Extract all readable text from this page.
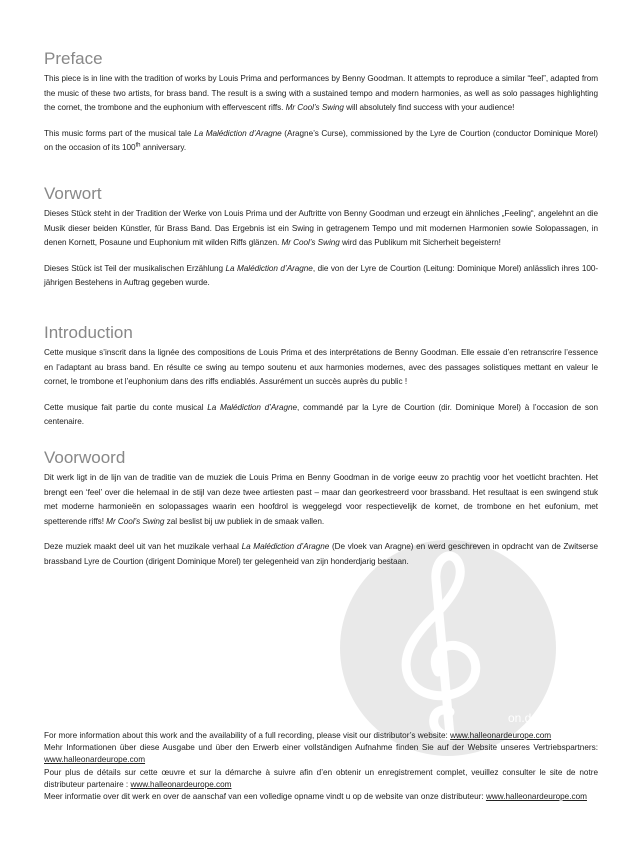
on.de
Preface

This piece is in line with the tradition of works by Louis Prima and performances by Benny Goodman. It attempts to reproduce a similar “feel”, adapted from the music of these two artists, for brass band. The result is a swing with a sustained tempo and modern harmonies, as well as solo passages highlighting the cornet, the trombone and the euphonium with effervescent riffs. Mr Cool’s Swing will absolutely find success with your audience!

This music forms part of the musical tale La Malédiction d’Aragne (Aragne’s Curse), commissioned by the Lyre de Courtion (conductor Dominique Morel) on the occasion of its 100th anniversary.

Vorwort

Dieses Stück steht in der Tradition der Werke von Louis Prima und der Auftritte von Benny Goodman und erzeugt ein ähnliches „Feeling“, angelehnt an die Musik dieser beiden Künstler, für Brass Band. Das Ergebnis ist ein Swing in getragenem Tempo und mit modernen Harmonien sowie Solopassagen, in denen Kornett, Posaune und Euphonium mit wilden Riffs glänzen. Mr Cool’s Swing wird das Publikum mit Sicherheit begeistern!

Dieses Stück ist Teil der musikalischen Erzählung La Malédiction d’Aragne, die von der Lyre de Courtion (Leitung: Dominique Morel) anlässlich ihres 100-jährigen Bestehens in Auftrag gegeben wurde.

Introduction

Cette musique s’inscrit dans la lignée des compositions de Louis Prima et des interprétations de Benny Goodman. Elle essaie d’en retranscrire l’essence en l’adaptant au brass band. En résulte ce swing au tempo soutenu et aux harmonies modernes, avec des passages solistiques mettant en valeur le cornet, le trombone et l’euphonium dans des riffs endiablés. Assurément un succès auprès du public !

Cette musique fait partie du conte musical La Malédiction d’Aragne, commandé par la Lyre de Courtion (dir. Dominique Morel) à l’occasion de son centenaire.

Voorwoord

Dit werk ligt in de lijn van de traditie van de muziek die Louis Prima en Benny Goodman in de vorige eeuw zo prachtig voor het voetlicht brachten. Het brengt een ‘feel’ over die helemaal in de stijl van deze twee artiesten past – maar dan georkestreerd voor brassband. Het resultaat is een swingend stuk met moderne harmonieën en solopassages waarin een hoofdrol is weggelegd voor respectievelijk de kornet, de trombone en het eufonium, met spetterende riffs! Mr Cool’s Swing zal beslist bij uw publiek in de smaak vallen.

Deze muziek maakt deel uit van het muzikale verhaal La Malédiction d’Aragne (De vloek van Aragne) en werd geschreven in opdracht van de Zwitserse brassband Lyre de Courtion (dirigent Dominique Morel) ter gelegenheid van zijn honderdjarig bestaan.

For more information about this work and the availability of a full recording, please visit our distributor’s website: www.halleonardeurope.com

Mehr Informationen über diese Ausgabe und über den Erwerb einer vollständigen Aufnahme finden Sie auf der Website unseres Vertriebspartners: www.halleonardeurope.com

Pour plus de détails sur cette œuvre et sur la démarche à suivre afin d’en obtenir un enregistrement complet, veuillez consulter le site de notre distributeur partenaire : www.halleonardeurope.com

Meer informatie over dit werk en over de aanschaf van een volledige opname vindt u op de website van onze distributeur: www.halleonardeurope.com
